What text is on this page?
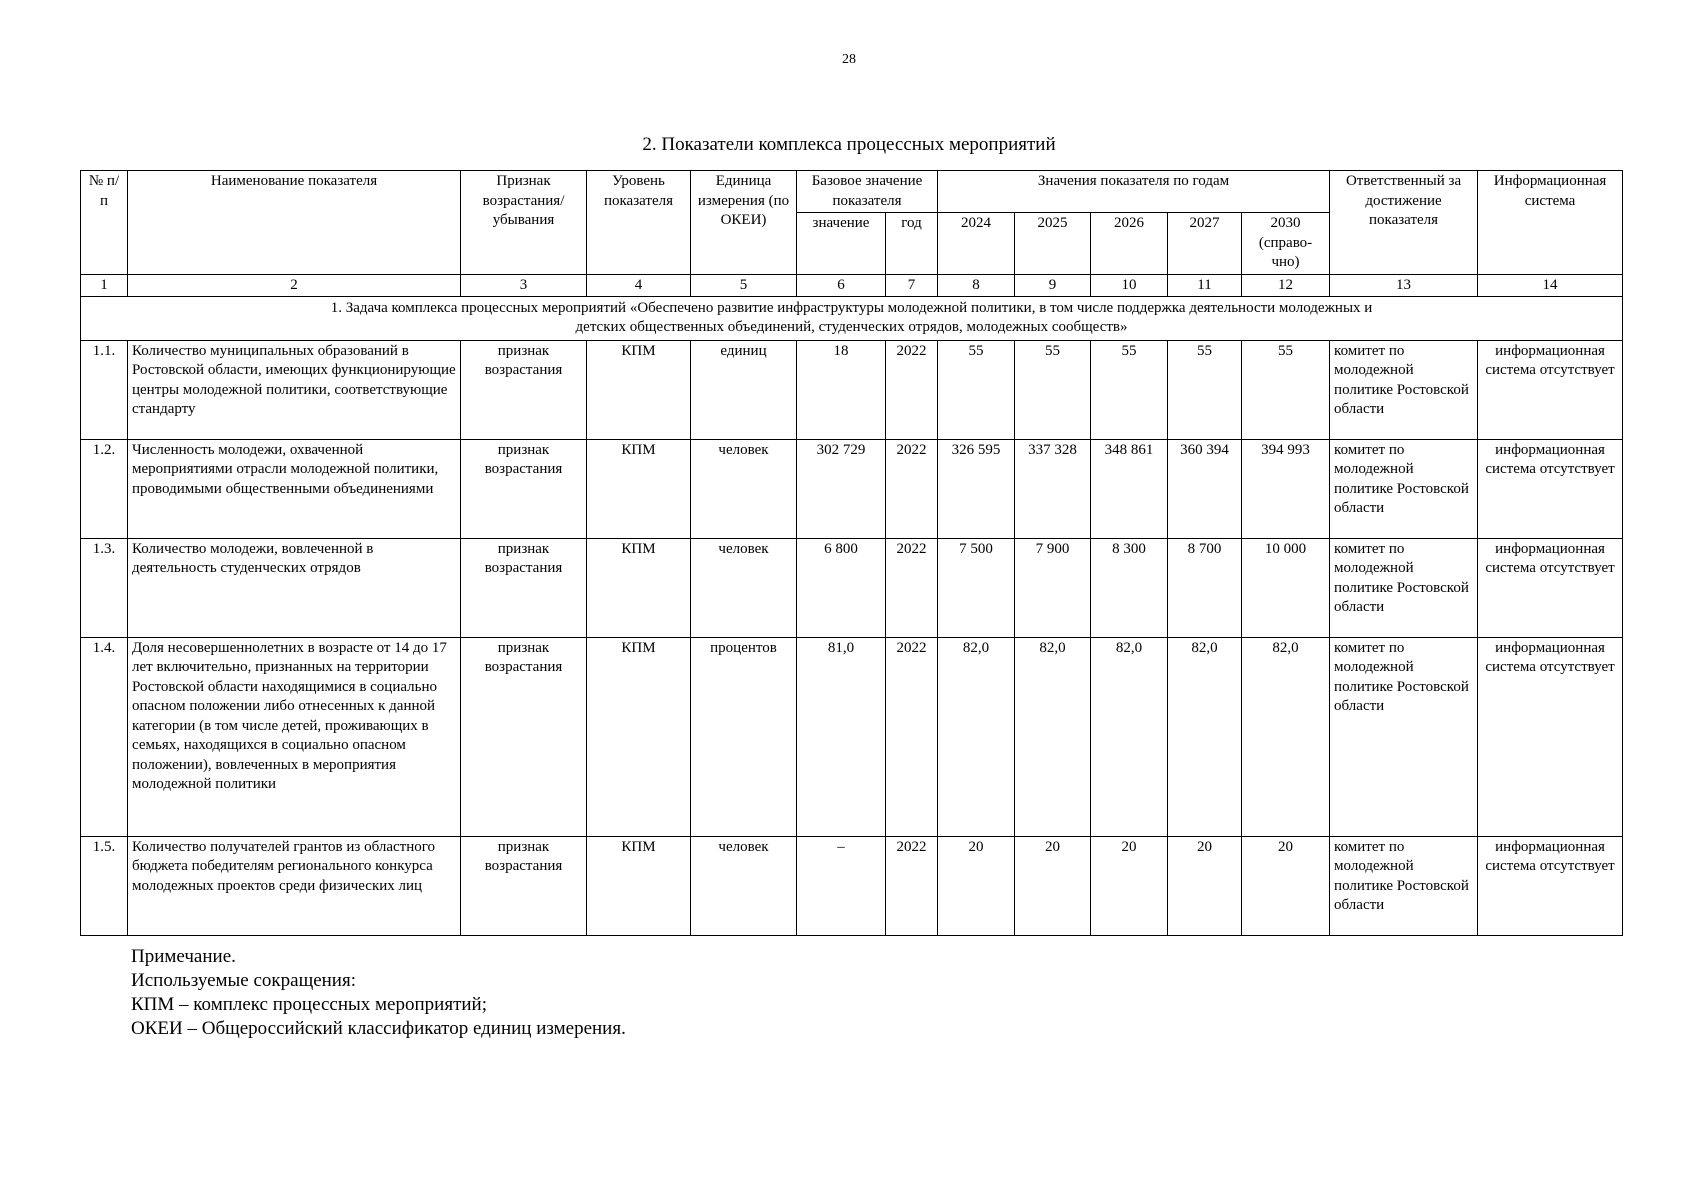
28
2. Показатели комплекса процессных мероприятий
№ п/п	Наименование показателя	Признак возрастания/ убывания	Уровень показателя	Единица измерения (по ОКЕИ)	Базовое значение показателя		Значения показателя по годам					Ответственный за достижение показателя	Информационная система
					значение	год	2024	2025	2026	2027	2030 (справо-чно)		
1	2	3	4	5	6	7	8	9	10	11	12	13	14
1. Задача комплекса процессных мероприятий «Обеспечено развитие инфраструктуры молодежной политики, в том числе поддержка деятельности молодежных и детских общественных объединений, студенческих отрядов, молодежных сообществ»													
1.1.	Количество муниципальных образований в Ростовской области, имеющих функционирующие центры молодежной политики, соответствующие стандарту	признак возрастания	КПМ	единиц	18	2022	55	55	55	55	55	комитет по молодежной политике Ростовской области	информационная система отсутствует
1.2.	Численность молодежи, охваченной мероприятиями отрасли молодежной политики, проводимыми общественными объединениями	признак возрастания	КПМ	человек	302 729	2022	326 595	337 328	348 861	360 394	394 993	комитет по молодежной политике Ростовской области	информационная система отсутствует
1.3.	Количество молодежи, вовлеченной в деятельность студенческих отрядов	признак возрастания	КПМ	человек	6 800	2022	7 500	7 900	8 300	8 700	10 000	комитет по молодежной политике Ростовской области	информационная система отсутствует
1.4.	Доля несовершеннолетних в возрасте от 14 до 17 лет включительно, признанных на территории Ростовской области находящимися в социально опасном положении либо отнесенных к данной категории (в том числе детей, проживающих в семьях, находящихся в социально опасном положении), вовлеченных в мероприятия молодежной политики	признак возрастания	КПМ	процентов	81,0	2022	82,0	82,0	82,0	82,0	82,0	комитет по молодежной политике Ростовской области	информационная система отсутствует
1.5.	Количество получателей грантов из областного бюджета победителям регионального конкурса молодежных проектов среди физических лиц	признак возрастания	КПМ	человек	–	2022	20	20	20	20	20	комитет по молодежной политике Ростовской области	информационная система отсутствует
Примечание.
Используемые сокращения:
КПМ – комплекс процессных мероприятий;
ОКЕИ – Общероссийский классификатор единиц измерения.
